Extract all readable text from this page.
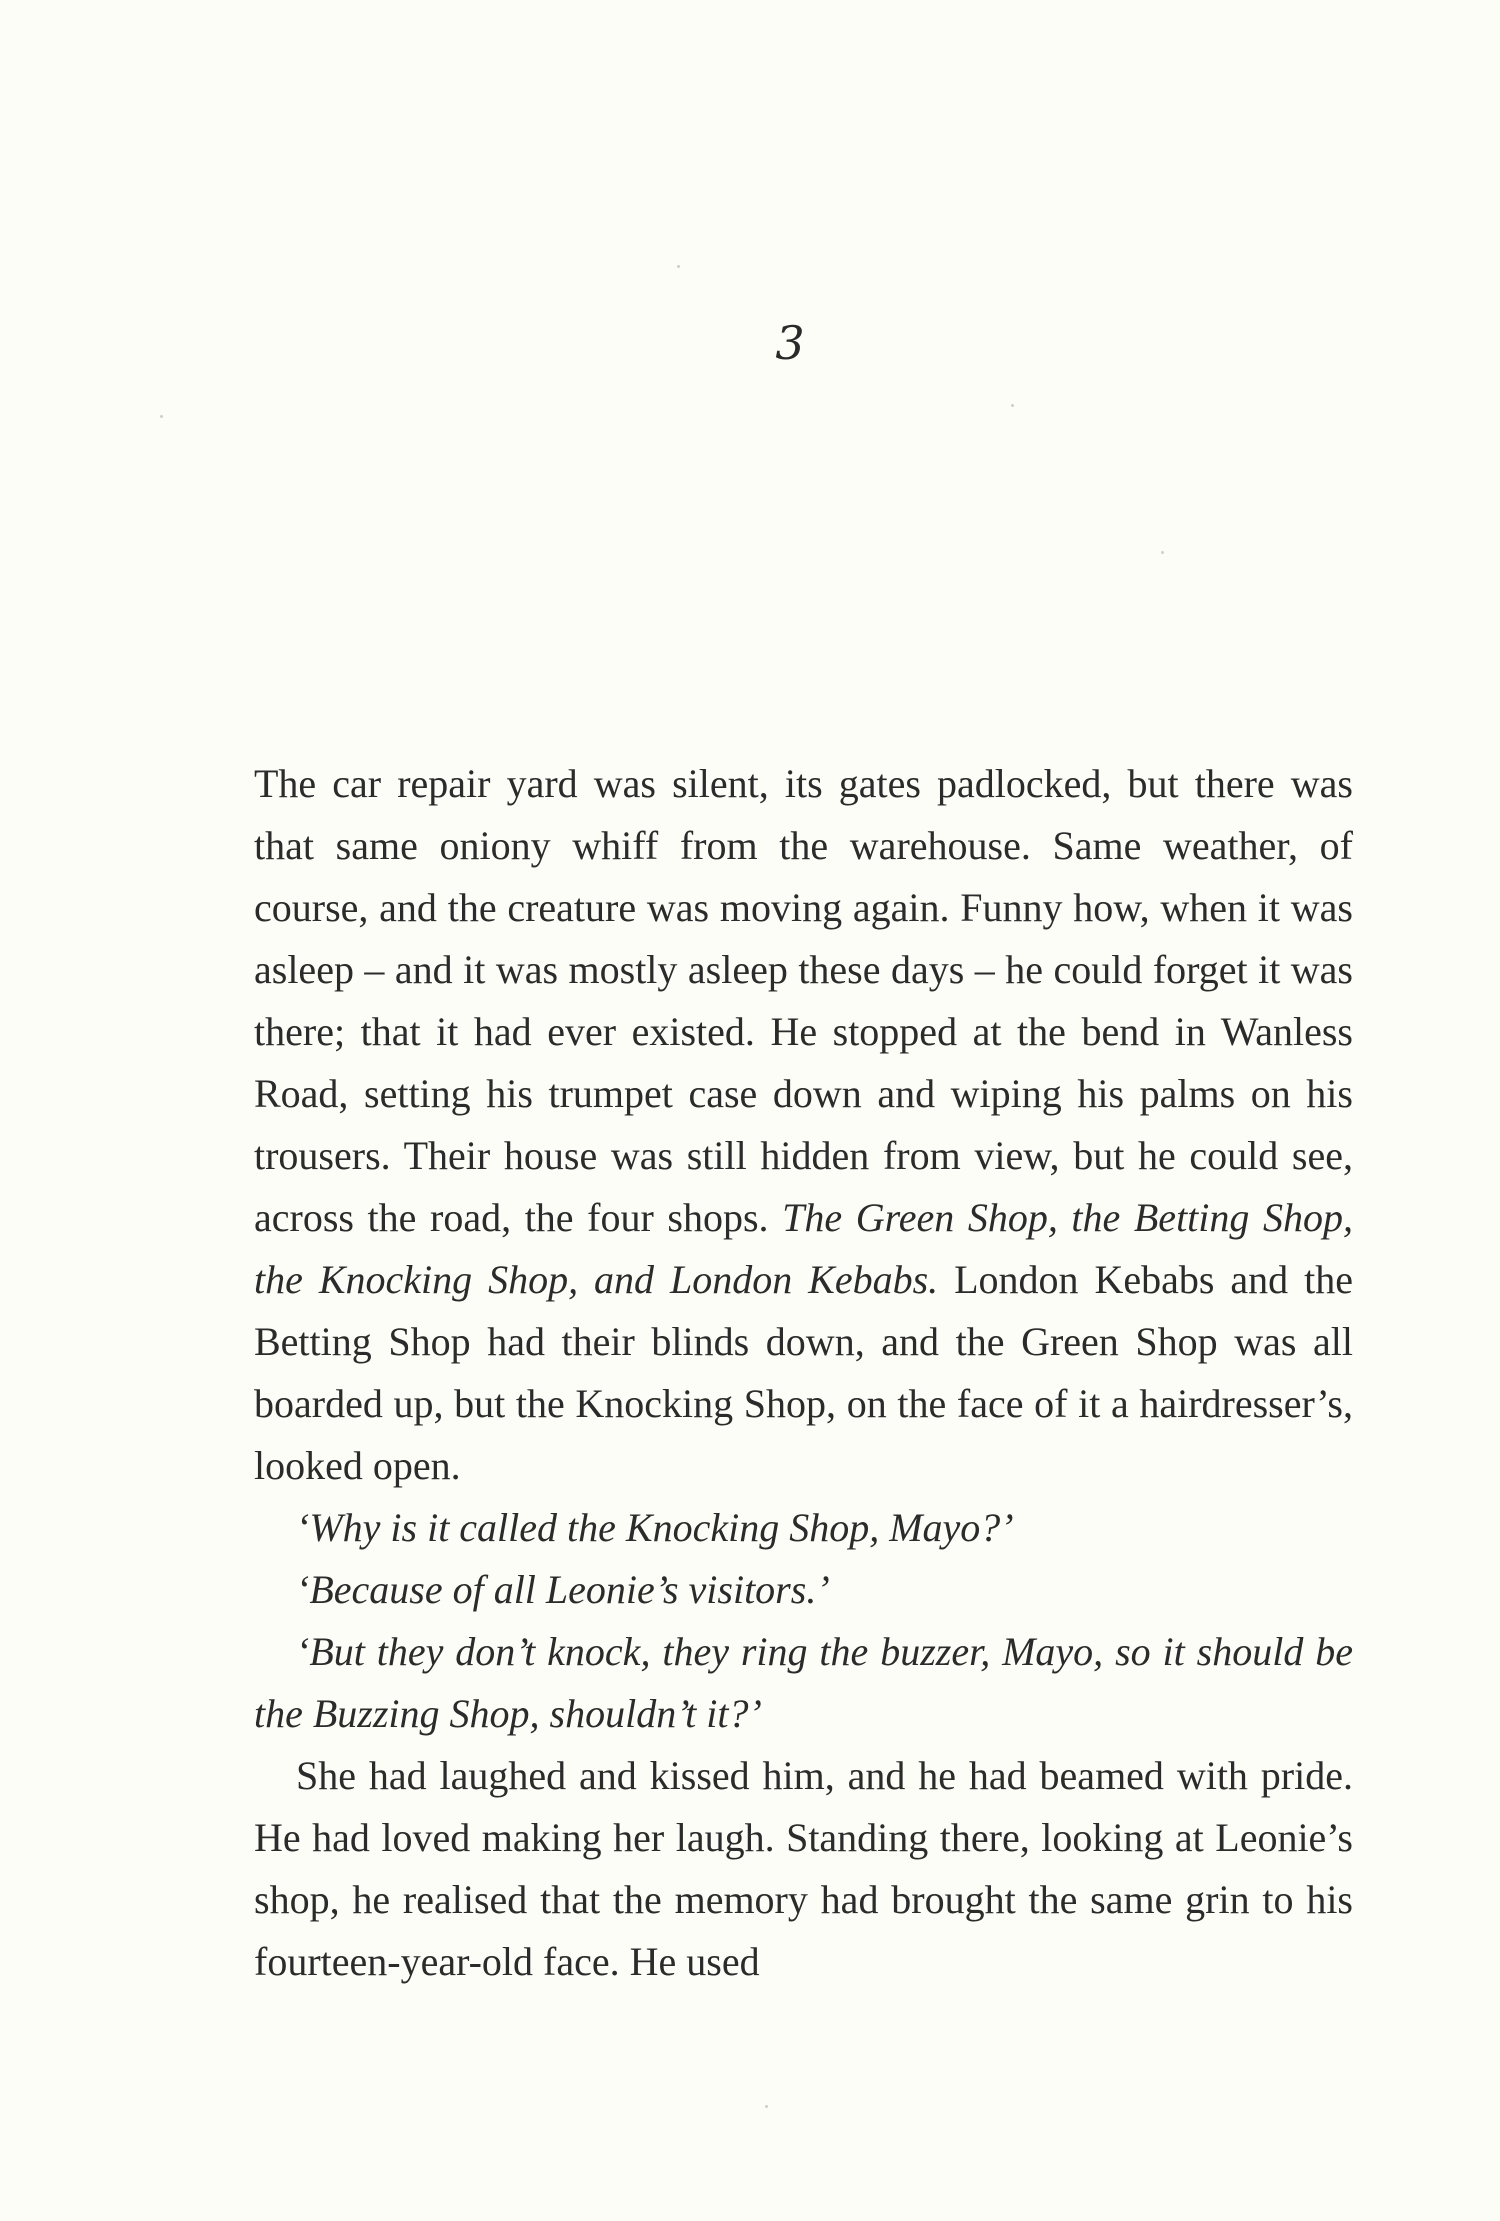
3

The car repair yard was silent, its gates padlocked, but there was that same oniony whiff from the warehouse. Same weather, of course, and the creature was moving again. Funny how, when it was asleep – and it was mostly asleep these days – he could forget it was there; that it had ever existed. He stopped at the bend in Wanless Road, setting his trumpet case down and wiping his palms on his trousers. Their house was still hidden from view, but he could see, across the road, the four shops. The Green Shop, the Betting Shop, the Knocking Shop, and London Kebabs. London Kebabs and the Betting Shop had their blinds down, and the Green Shop was all boarded up, but the Knocking Shop, on the face of it a hairdresser’s, looked open.

‘Why is it called the Knocking Shop, Mayo?’

‘Because of all Leonie’s visitors.’

‘But they don’t knock, they ring the buzzer, Mayo, so it should be the Buzzing Shop, shouldn’t it?’

She had laughed and kissed him, and he had beamed with pride. He had loved making her laugh. Standing there, looking at Leonie’s shop, he realised that the memory had brought the same grin to his fourteen-year-old face. He used
